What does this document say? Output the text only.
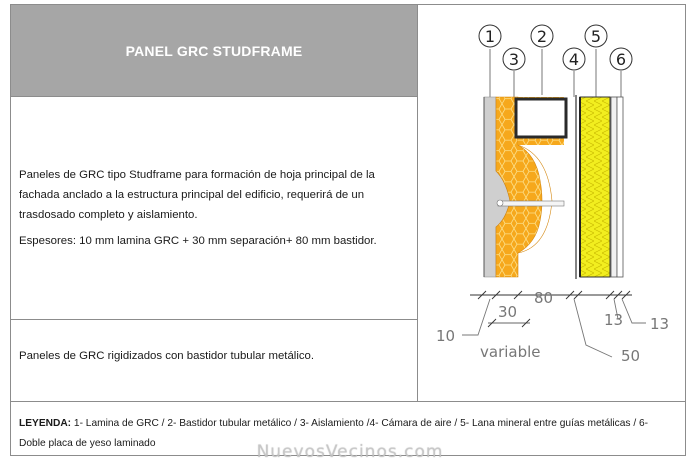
PANEL GRC STUDFRAME

Paneles de GRC tipo Studframe para formación de hoja principal de la fachada anclado a la estructura principal del edificio, requerirá de un trasdosado completo y aislamiento.

Espesores: 10 mm lamina GRC + 30 mm separación+ 80 mm bastidor.

Paneles de GRC rigidizados con bastidor tubular metálico.
1
3
2
4
5
6
80
10
30
variable	50
13 13
LEYENDA: 1- Lamina de GRC / 2- Bastidor tubular metálico / 3- Aislamiento /4- Cámara de aire / 5- Lana mineral entre guías metálicas / 6- Doble placa de yeso laminado	NuevosVecinos.com
